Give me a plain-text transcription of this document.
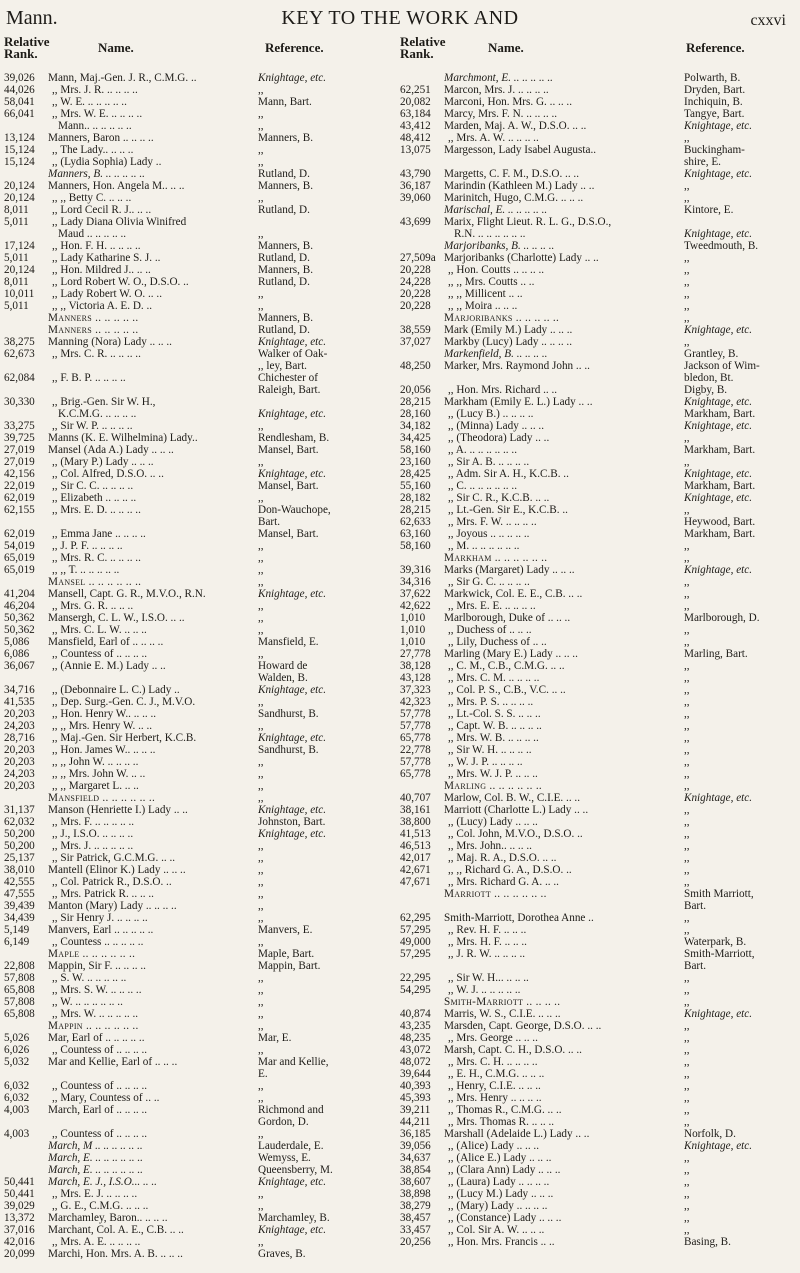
Mann.	KEY TO THE WORK AND	cxxvi
Relative Rank.	Name.	Reference.
39,026	Mann, Maj.-Gen. J. R., C.M.G. ..	Knightage, etc.
44,026	,, Mrs. J. R. .. .. .. ..	,,
58,041	,, W. E. .. .. .. .. ..	Mann, Bart.
66,041	,, Mrs. W. E. .. .. .. ..	,,
Mann.. .. .. .. .. ..	,,
13,124	Manners, Baron .. .. .. ..	Manners, B.
15,124	,, The Lady.. .. .. ..	,,
15,124	,, (Lydia Sophia) Lady ..	,,
Manners, B. .. .. .. .. ..	Rutland, D.
20,124	Manners, Hon. Angela M.. .. ..	Manners, B.
20,124	,, ,, Betty C. .. .. ..	,,
8,011	,, Lord Cecil R. J.. .. ..	Rutland, D.
5,011	,, Lady Diana Olivia Winifred
Maud .. .. .. .. ..	,,
17,124	,, Hon. F. H. .. .. .. ..	Manners, B.
5,011	,, Lady Katharine S. J. ..	Rutland, D.
20,124	,, Hon. Mildred J.. .. ..	Manners, B.
8,011	,, Lord Robert W. O., D.S.O. ..	Rutland, D.
10,011	,, Lady Robert W. O. .. ..	,,
5,011	,, ,, Victoria A. E. D. ..	,,
Manners .. .. .. .. ..	Manners, B.
Manners .. .. .. .. ..	Rutland, D.
38,275	Manning (Nora) Lady .. .. ..	Knightage, etc.
62,673	,, Mrs. C. R. .. .. .. ..	Walker of Oak-
,, ley, Bart.
62,084	,, F. B. P. .. .. .. ..	Chichester of
Raleigh, Bart.
30,330	,, Brig.-Gen. Sir W. H.,
K.C.M.G. .. .. .. ..	Knightage, etc.
33,275	,, Sir W. P. .. .. .. ..	,,
39,725	Manns (K. E. Wilhelmina) Lady..	Rendlesham, B.
27,019	Mansel (Ada A.) Lady .. .. ..	Mansel, Bart.
27,019	,, (Mary P.) Lady .. .. ..	,,
42,156	,, Col. Alfred, D.S.O. .. ..	Knightage, etc.
22,019	,, Sir C. C. .. .. .. ..	Mansel, Bart.
62,019	,, Elizabeth .. .. .. ..	,,
62,155	,, Mrs. E. D. .. .. .. ..	Don-Wauchope,
Bart.
62,019	,, Emma Jane .. .. .. ..	Mansel, Bart.
54,019	,, J. P. F. .. .. .. ..	,,
65,019	,, Mrs. R. C. .. .. .. ..	,,
65,019	,, ,, T. .. .. .. .. ..	,,
Mansel .. .. .. .. .. ..	,,
41,204	Mansell, Capt. G. R., M.V.O., R.N.	Knightage, etc.
46,204	,, Mrs. G. R. .. .. ..	,,
50,362	Mansergh, C. L. W., I.S.O. .. ..	,,
50,362	,, Mrs. C. L. W. .. .. ..	,,
5,086	Mansfield, Earl of .. .. .. ..	Mansfield, E.
6,086	,, Countess of .. .. .. ..	,,
36,067	,, (Annie E. M.) Lady .. ..	Howard de
Walden, B.
34,716	,, (Debonnaire L. C.) Lady ..	Knightage, etc.
41,535	,, Dep. Surg.-Gen. C. J., M.V.O.	,,
20,203	,, Hon. Henry W.. .. .. ..	Sandhurst, B.
24,203	,, ,, Mrs. Henry W. .. ..	,,
28,716	,, Maj.-Gen. Sir Herbert, K.C.B.	Knightage, etc.
20,203	,, Hon. James W.. .. .. ..	Sandhurst, B.
20,203	,, ,, John W. .. .. .. ..	,,
24,203	,, ,, Mrs. John W. .. ..	,,
20,203	,, ,, Margaret L. .. ..	,,
Mansfield .. .. .. .. .. ..	,,
31,137	Manson (Henriette I.) Lady .. ..	Knightage, etc.
62,032	,, Mrs. F. .. .. .. .. ..	Johnston, Bart.
50,200	,, J., I.S.O. .. .. .. ..	Knightage, etc.
50,200	,, Mrs. J. .. .. .. .. ..	,,
25,137	,, Sir Patrick, G.C.M.G. .. ..	,,
38,010	Mantell (Elinor K.) Lady .. .. ..	,,
42,555	,, Col. Patrick R., D.S.O. ..	,,
47,555	,, Mrs. Patrick R. .. .. ..	,,
39,439	Manton (Mary) Lady .. .. .. ..	,,
34,439	,, Sir Henry J. .. .. .. ..	,,
5,149	Manvers, Earl .. .. .. .. ..	Manvers, E.
6,149	,, Countess .. .. .. .. ..	,,
Maple .. .. .. .. .. ..	Maple, Bart.
22,808	Mappin, Sir F. .. .. .. ..	Mappin, Bart.
57,808	,, S. W. .. .. .. .. ..	,,
65,808	,, Mrs. S. W. .. .. .. ..	,,
57,808	,, W. .. .. .. .. .. ..	,,
65,808	,, Mrs. W. .. .. .. .. ..	,,
Mappin .. .. .. .. .. ..	,,
5,026	Mar, Earl of .. .. .. .. ..	Mar, E.
6,026	,, Countess of .. .. .. ..	,,
5,032	Mar and Kellie, Earl of .. .. ..	Mar and Kellie,
E.
6,032	,, Countess of .. .. .. ..	,,
6,032	,, Mary, Countess of .. ..	,,
4,003	March, Earl of .. .. .. ..	Richmond and
Gordon, D.
4,003	,, Countess of .. .. .. ..	,,
March, M .. .. .. .. .. ..	Lauderdale, E.
March, E. .. .. .. .. .. ..	Wemyss, E.
March, E. .. .. .. .. .. ..	Queensberry, M.
50,441	March, E. J., I.S.O... .. ..	Knightage, etc.
50,441	,, Mrs. E. J. .. .. .. ..	,,
39,029	,, G. E., C.M.G. .. .. ..	,,
13,372	Marchamley, Baron.. .. .. ..	Marchamley, B.
37,016	Marchant, Col. A. E., C.B. .. ..	Knightage, etc.
42,016	,, Mrs. A. E. .. .. .. ..	,,
20,099	Marchi, Hon. Mrs. A. B. .. .. ..	Graves, B.
Relative Rank.	Name.	Reference.
Marchmont, E. .. .. .. .. ..	Polwarth, B.
62,251	Marcon, Mrs. J. .. .. .. ..	Dryden, Bart.
20,082	Marconi, Hon. Mrs. G. .. .. ..	Inchiquin, B.
63,184	Marcy, Mrs. F. N. .. .. .. ..	Tangye, Bart.
43,412	Marden, Maj. A. W., D.S.O. .. ..	Knightage, etc.
48,412	,, Mrs. A. W. .. .. .. ..	,,
13,075	Margesson, Lady Isabel Augusta..	Buckingham-
shire, E.
43,790	Margetts, C. F. M., D.S.O. .. ..	Knightage, etc.
36,187	Marindin (Kathleen M.) Lady .. ..	,,
39,060	Marinitch, Hugo, C.M.G. .. .. ..	,,
Marischal, E. .. .. .. .. ..	Kintore, E.
43,699	Marix, Flight Lieut. R. L. G., D.S.O.,
R.N. .. .. .. .. .. ..	Knightage, etc.
Marjoribanks, B. .. .. .. ..	Tweedmouth, B.
27,509a Marjoribanks (Charlotte) Lady .. ..	,,
20,228	,, Hon. Coutts .. .. .. ..	,,
24,228	,, ,, Mrs. Coutts .. ..	,,
20,228	,, ,, Millicent .. ..	,,
20,228	,, ,, Moira .. .. ..	,,
Marjoribanks .. .. .. .. ..	,,
38,559	Mark (Emily M.) Lady .. .. ..	Knightage, etc.
37,027	Markby (Lucy) Lady .. .. .. ..	,,
Markenfield, B. .. .. .. ..	Grantley, B.
48,250	Marker, Mrs. Raymond John .. ..	Jackson of Wim-
bledon, Bt.
20,056	,, Hon. Mrs. Richard .. ..	Digby, B.
28,215	Markham (Emily E. L.) Lady .. ..	Knightage, etc.
28,160	,, (Lucy B.) .. .. .. ..	Markham, Bart.
34,182	,, (Minna) Lady .. .. ..	Knightage, etc.
34,425	,, (Theodora) Lady .. ..	,,
58,160	,, A. .. .. .. .. .. ..	Markham, Bart.
23,160	,, Sir A. B. .. .. .. ..	,,
28,425	,, Adm. Sir A. H., K.C.B. ..	Knightage, etc.
55,160	,, C. .. .. .. .. .. ..	Markham, Bart.
28,182	,, Sir C. R., K.C.B. .. ..	Knightage, etc.
28,215	,, Lt.-Gen. Sir E., K.C.B. ..	,,
62,633	,, Mrs. F. W. .. .. .. ..	Heywood, Bart.
63,160	,, Joyous .. .. .. .. ..	Markham, Bart.
58,160	,, M. .. .. .. .. .. ..	,,
Markham .. .. .. .. .. ..	,,
39,316	Marks (Margaret) Lady .. .. ..	Knightage, etc.
34,316	,, Sir G. C. .. .. .. ..	,,
37,622	Markwick, Col. E. E., C.B. .. ..	,,
42,622	,, Mrs. E. E. .. .. .. ..	,,
1,010	Marlborough, Duke of .. .. ..	Marlborough, D.
1,010	,, Duchess of .. .. ..	,,
1,010	,, Lily, Duchess of .. ..	,,
27,778	Marling (Mary E.) Lady .. .. ..	Marling, Bart.
38,128	,, C. M., C.B., C.M.G. .. ..	,,
43,128	,, Mrs. C. M. .. .. .. ..	,,
37,323	,, Col. P. S., C.B., V.C. .. ..	,,
42,323	,, Mrs. P. S. .. .. .. ..	,,
57,778	,, Lt.-Col. S. S. .. .. ..	,,
57,778	,, Capt. W. B. .. .. .. ..	,,
65,778	,, Mrs. W. B. .. .. .. ..	,,
22,778	,, Sir W. H. .. .. .. ..	,,
57,778	,, W. J. P. .. .. .. ..	,,
65,778	,, Mrs. W. J. P. .. .. ..	,,
Marling .. .. .. .. .. ..	,,
40,707	Marlow, Col. B. W., C.I.E. .. ..	Knightage, etc.
38,161	Marriott (Charlotte L.) Lady .. ..	,,
38,800	,, (Lucy) Lady .. .. ..	,,
41,513	,, Col. John, M.V.O., D.S.O. ..	,,
46,513	,, Mrs. John.. .. .. ..	,,
42,017	,, Maj. R. A., D.S.O. .. ..	,,
42,671	,, ,, Richard G. A., D.S.O. ..	,,
47,671	,, Mrs. Richard G. A. .. ..	,,
Marriott .. .. .. .. .. ..	Smith Marriott,
Bart.
62,295	Smith-Marriott, Dorothea Anne ..	,,
57,295	,, Rev. H. F. .. .. ..	,,
49,000	,, Mrs. H. F. .. .. ..	Waterpark, B.
57,295	,, J. R. W. .. .. .. ..	Smith-Marriott,
Bart.
22,295	,, Sir W. H... .. .. ..	,,
54,295	,, W. J. .. .. .. .. ..	,,
Smith-Marriott .. .. .. ..	,,
40,874	Marris, W. S., C.I.E. .. .. ..	Knightage, etc.
43,235	Marsden, Capt. George, D.S.O. .. ..	,,
48,235	,, Mrs. George .. .. ..	,,
43,072	Marsh, Capt. C. H., D.S.O. .. ..	,,
48,072	,, Mrs. C. H. .. .. .. ..	,,
39,644	,, E. H., C.M.G. .. .. ..	,,
40,393	,, Henry, C.I.E. .. .. ..	,,
45,393	,, Mrs. Henry .. .. .. ..	,,
39,211	,, Thomas R., C.M.G. .. ..	,,
44,211	,, Mrs. Thomas R. .. .. ..	,,
36,185	Marshall (Adelaide L.) Lady .. ..	Norfolk, D.
39,056	,, (Alice) Lady .. .. ..	Knightage, etc.
34,637	,, (Alice E.) Lady .. .. ..	,,
38,854	,, (Clara Ann) Lady .. .. ..	,,
38,607	,, (Laura) Lady .. .. .. ..	,,
38,898	,, (Lucy M.) Lady .. .. ..	,,
38,279	,, (Mary) Lady .. .. .. ..	,,
38,457	,, (Constance) Lady .. .. ..	,,
33,457	,, Col. Sir A. W. .. .. ..	,,
20,256	,, Hon. Mrs. Francis .. ..	Basing, B.
